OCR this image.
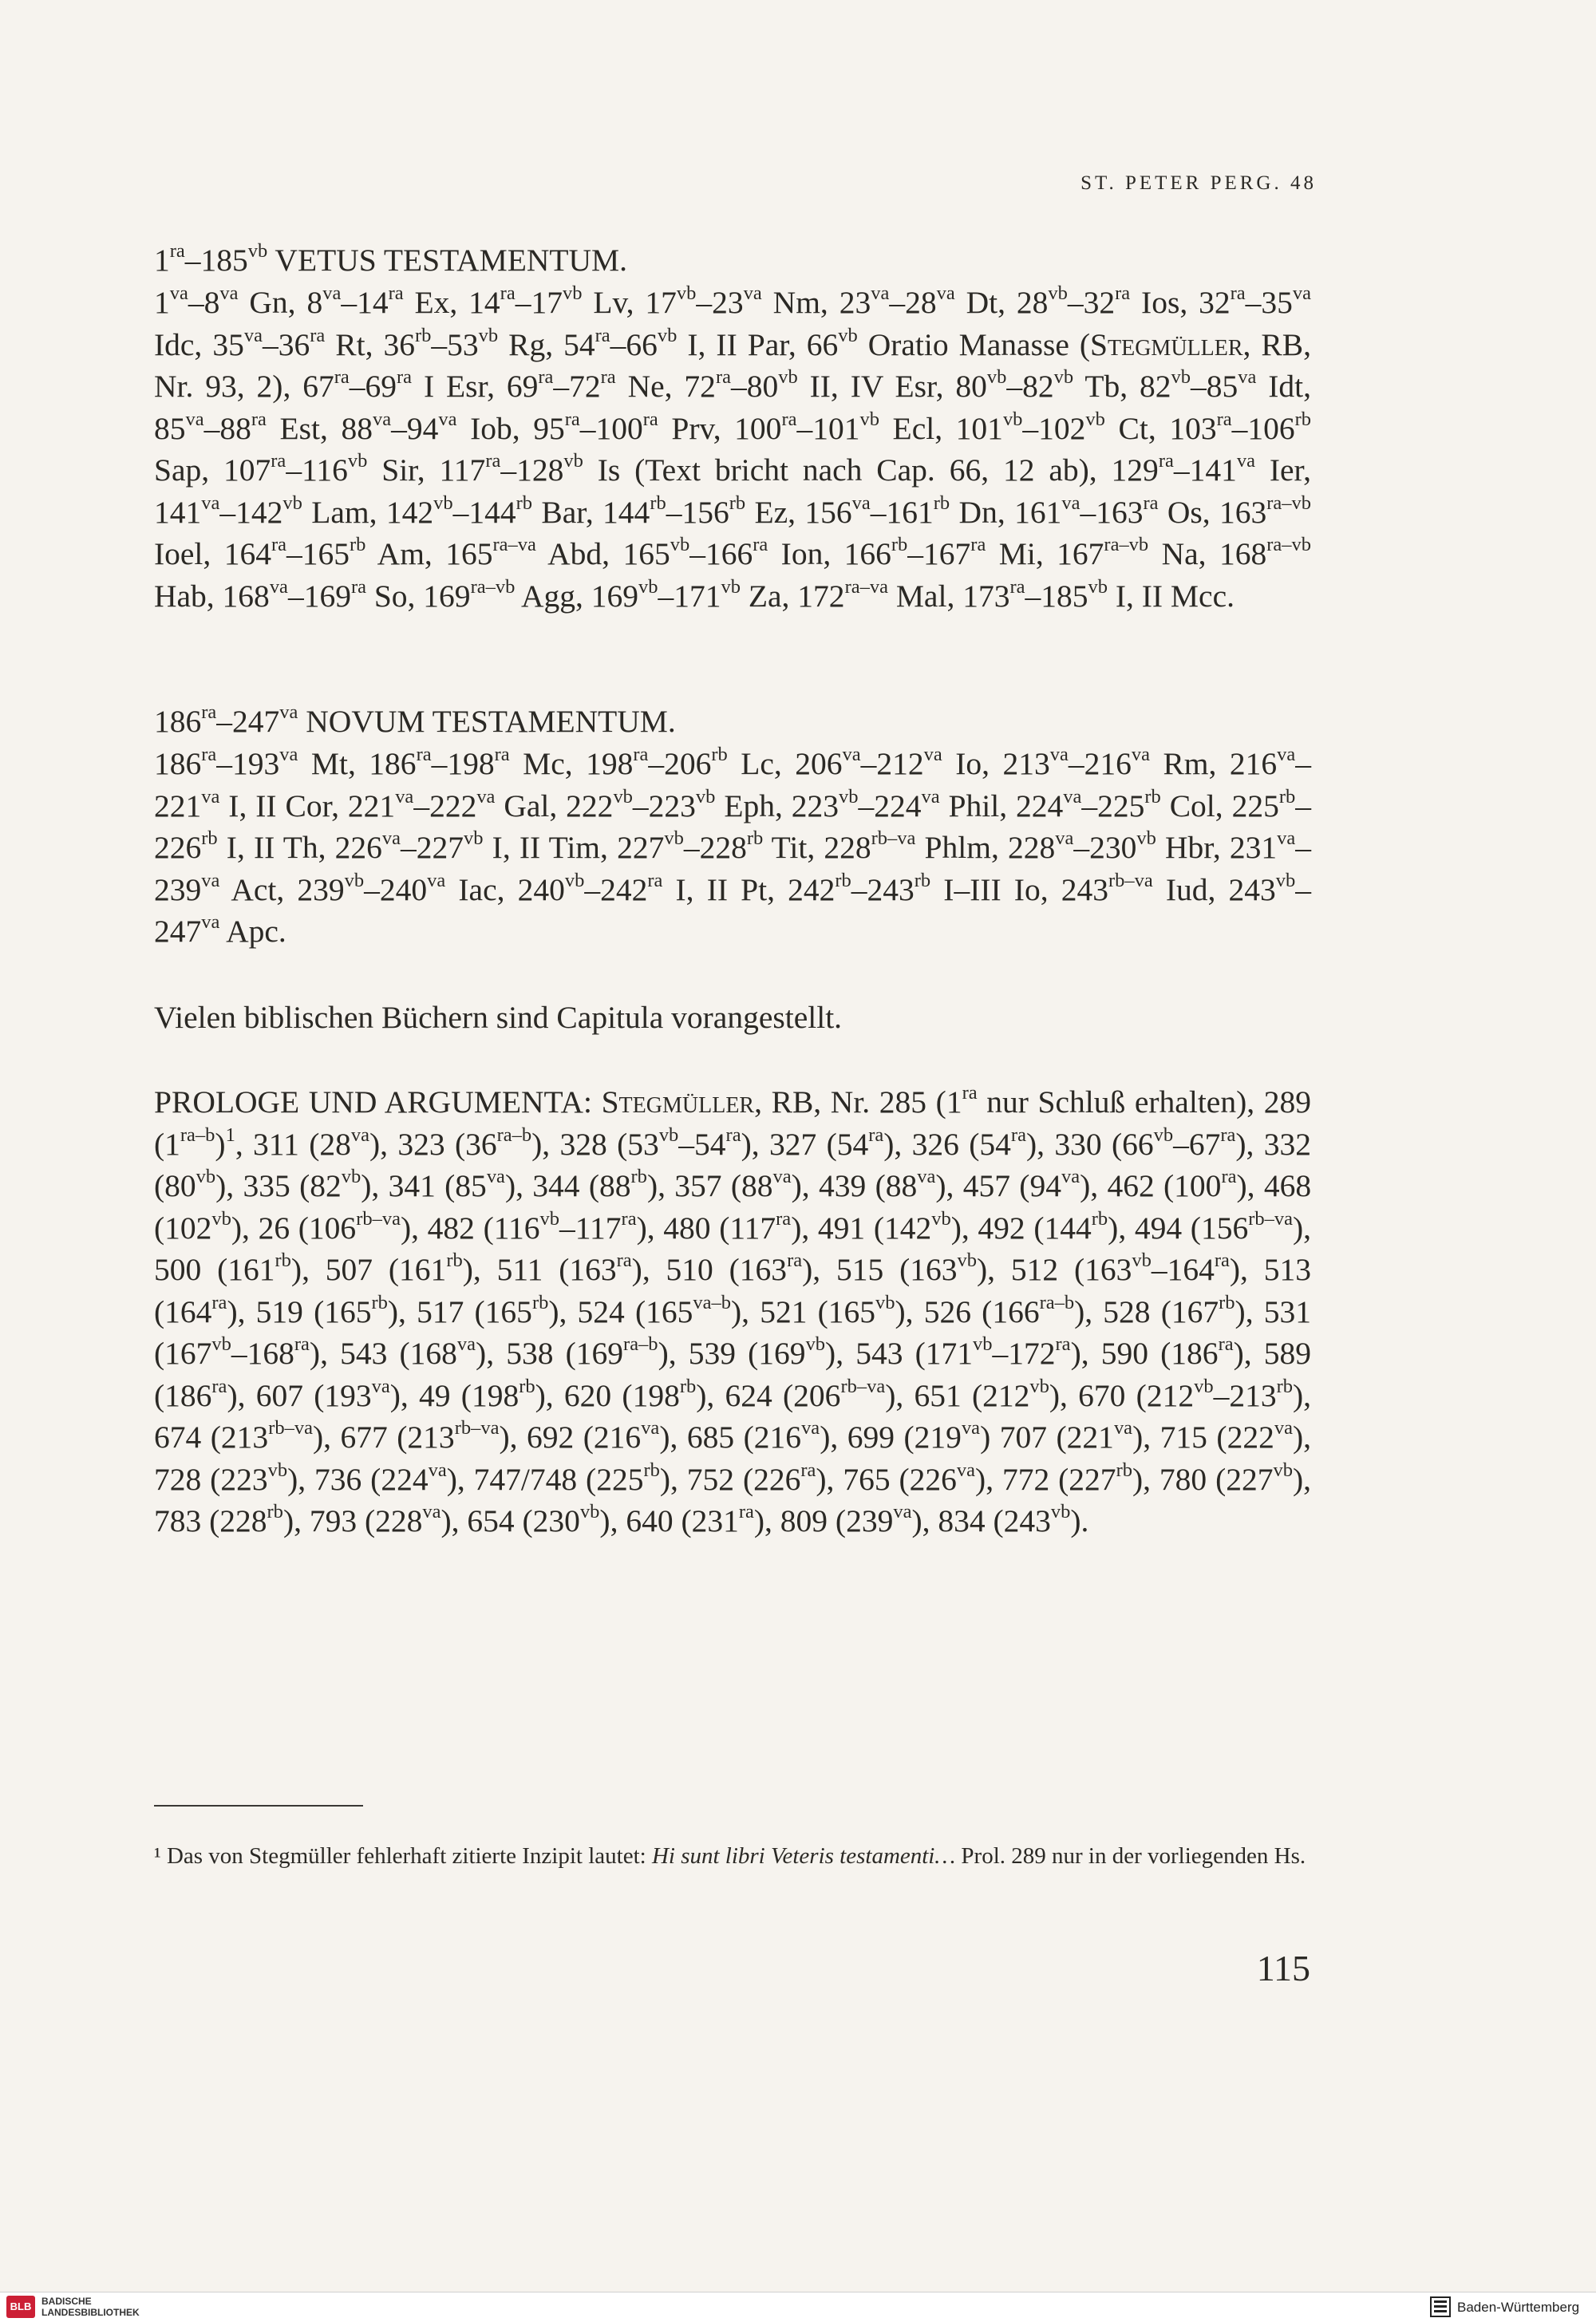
ST. PETER PERG. 48
$1^{ra}-185^{vb}$ VETUS TESTAMENTUM.
$1^{va}-8^{va}$ Gn, $8^{va}-14^{ra}$ Ex, $14^{ra}-17^{vb}$ Lv, $17^{vb}-23^{va}$ Nm, $23^{va}-28^{va}$ Dt, $28^{vb}-32^{ra}$ Ios, $32^{ra}-35^{va}$ Idc, $35^{va}-36^{ra}$ Rt, $36^{rb}-53^{vb}$ Rg, $54^{ra}-66^{vb}$ I, II Par, $66^{vb}$ Oratio Manasse (Stegmüller, RB, Nr. 93, 2), $67^{ra}-69^{ra}$ I Esr, $69^{ra}-72^{ra}$ Ne, $72^{ra}-80^{vb}$ II, IV Esr, $80^{vb}-82^{vb}$ Tb, $82^{vb}-85^{va}$ Idt, $85^{va}-88^{ra}$ Est, $88^{va}-94^{va}$ Iob, $95^{ra}-100^{ra}$ Prv, $100^{ra}-101^{vb}$ Ecl, $101^{vb}-102^{vb}$ Ct, $103^{ra}-106^{rb}$ Sap, $107^{ra}-116^{vb}$ Sir, $117^{ra}-128^{vb}$ Is (Text bricht nach Cap. 66, 12 ab), $129^{ra}-141^{va}$ Ier, $141^{va}-142^{vb}$ Lam, $142^{vb}-144^{rb}$ Bar, $144^{rb}-156^{rb}$ Ez, $156^{va}-161^{rb}$ Dn, $161^{va}-163^{ra}$ Os, $163^{ra-vb}$ Ioel, $164^{ra}-165^{rb}$ Am, $165^{ra-va}$ Abd, $165^{vb}-166^{ra}$ Ion, $166^{rb}-167^{ra}$ Mi, $167^{ra-vb}$ Na, $168^{ra-vb}$ Hab, $168^{va}-169^{ra}$ So, $169^{ra-vb}$ Agg, $169^{vb}-171^{vb}$ Za, $172^{ra-va}$ Mal, $173^{ra}-185^{vb}$ I, II Mcc.
$186^{ra}-247^{va}$ NOVUM TESTAMENTUM.
$186^{ra}-193^{va}$ Mt, $186^{ra}-198^{ra}$ Mc, $198^{ra}-206^{rb}$ Lc, $206^{va}-212^{va}$ Io, $213^{va}-216^{va}$ Rm, $216^{va}-221^{va}$ I, II Cor, $221^{va}-222^{va}$ Gal, $222^{vb}-223^{vb}$ Eph, $223^{vb}-224^{va}$ Phil, $224^{va}-225^{rb}$ Col, $225^{rb}-226^{rb}$ I, II Th, $226^{va}-227^{vb}$ I, II Tim, $227^{vb}-228^{rb}$ Tit, $228^{rb-va}$ Phlm, $228^{va}-230^{vb}$ Hbr, $231^{va}-239^{va}$ Act, $239^{vb}-240^{va}$ Iac, $240^{vb}-242^{ra}$ I, II Pt, $242^{rb}-243^{rb}$ I–III Io, $243^{rb-va}$ Iud, $243^{vb}-247^{va}$ Apc.
Vielen biblischen Büchern sind Capitula vorangestellt.
PROLOGE UND ARGUMENTA: Stegmüller, RB, Nr. 285 ($1^{ra}$ nur Schluß erhalten), 289 $(1^{ra-b})^1$, 311 $(28^{va})$, 323 $(36^{ra-b})$, 328 $(53^{vb}-54^{ra})$, 327 $(54^{ra})$, 326 $(54^{ra})$, 330 $(66^{vb}-67^{ra})$, 332 $(80^{vb})$, 335 $(82^{vb})$, 341 $(85^{va})$, 344 $(88^{rb})$, 357 $(88^{va})$, 439 $(88^{va})$, 457 $(94^{va})$, 462 $(100^{ra})$, 468 $(102^{vb})$, 26 $(106^{rb-va})$, 482 $(116^{vb}-117^{ra})$, 480 $(117^{ra})$, 491 $(142^{vb})$, 492 $(144^{rb})$, 494 $(156^{rb-va})$, 500 $(161^{rb})$, 507 $(161^{rb})$, 511 $(163^{ra})$, 510 $(163^{ra})$, 515 $(163^{vb})$, 512 $(163^{vb}-164^{ra})$, 513 $(164^{ra})$, 519 $(165^{rb})$, 517 $(165^{rb})$, 524 $(165^{va-b})$, 521 $(165^{vb})$, 526 $(166^{ra-b})$, 528 $(167^{rb})$, 531 $(167^{vb}-168^{ra})$, 543 $(168^{va})$, 538 $(169^{ra-b})$, 539 $(169^{vb})$, 543 $(171^{vb}-172^{ra})$, 590 $(186^{ra})$, 589 $(186^{ra})$, 607 $(193^{va})$, 49 $(198^{rb})$, 620 $(198^{rb})$, 624 $(206^{rb-va})$, 651 $(212^{vb})$, 670 $(212^{vb}-213^{rb})$, 674 $(213^{rb-va})$, 677 $(213^{rb-va})$, 692 $(216^{va})$, 685 $(216^{va})$, 699 $(219^{va})$ 707 $(221^{va})$, 715 $(222^{va})$, 728 $(223^{vb})$, 736 $(224^{va})$, 747/748 $(225^{rb})$, 752 $(226^{ra})$, 765 $(226^{va})$, 772 $(227^{rb})$, 780 $(227^{vb})$, 783 $(228^{rb})$, 793 $(228^{va})$, 654 $(230^{vb})$, 640 $(231^{ra})$, 809 $(239^{va})$, 834 $(243^{vb})$.
¹ Das von Stegmüller fehlerhaft zitierte Inzipit lautet: Hi sunt libri Veteris testamenti… Prol. 289 nur in der vorliegenden Hs.
115
BLB	BADISCHE
LANDESBIBLIOTHEK	Baden-Württemberg
